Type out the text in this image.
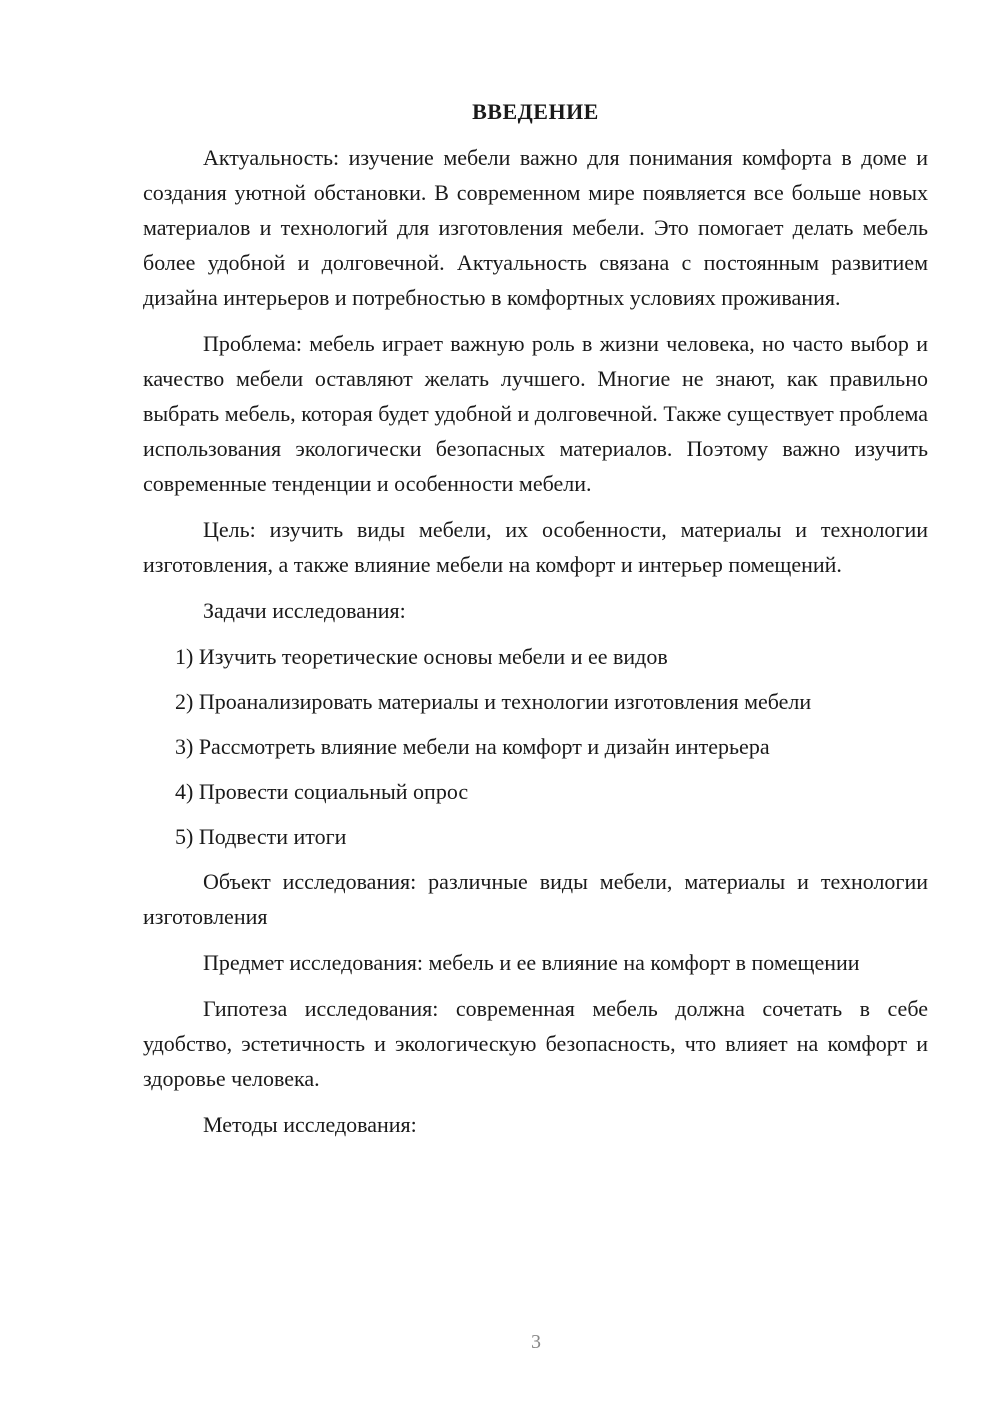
ВВЕДЕНИЕ

Актуальность: изучение мебели важно для понимания комфорта в доме и создания уютной обстановки. В современном мире появляется все больше новых материалов и технологий для изготовления мебели. Это помогает делать мебель более удобной и долговечной. Актуальность связана с постоянным развитием дизайна интерьеров и потребностью в комфортных условиях проживания.

Проблема: мебель играет важную роль в жизни человека, но часто выбор и качество мебели оставляют желать лучшего. Многие не знают, как правильно выбрать мебель, которая будет удобной и долговечной. Также существует проблема использования экологически безопасных материалов. Поэтому важно изучить современные тенденции и особенности мебели.

Цель: изучить виды мебели, их особенности, материалы и технологии изготовления, а также влияние мебели на комфорт и интерьер помещений.

Задачи исследования:
1) Изучить теоретические основы мебели и ее видов
2) Проанализировать материалы и технологии изготовления мебели
3) Рассмотреть влияние мебели на комфорт и дизайн интерьера
4) Провести социальный опрос
5) Подвести итоги

Объект исследования: различные виды мебели, материалы и технологии изготовления

Предмет исследования: мебель и ее влияние на комфорт в помещении

Гипотеза исследования: современная мебель должна сочетать в себе удобство, эстетичность и экологическую безопасность, что влияет на комфорт и здоровье человека.

Методы исследования:

3
